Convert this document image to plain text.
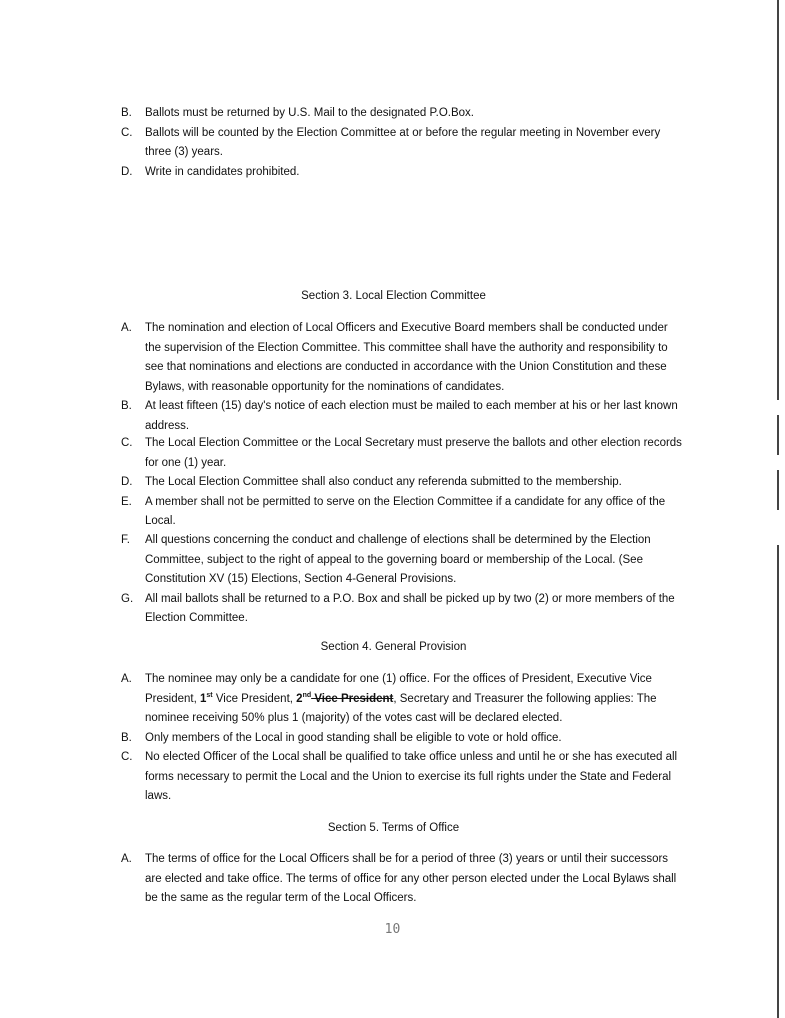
B. Ballots must be returned by U.S. Mail to the designated P.O.Box.
C. Ballots will be counted by the Election Committee at or before the regular meeting in November every three (3) years.
D. Write in candidates prohibited.
Section 3. Local Election Committee
A. The nomination and election of Local Officers and Executive Board members shall be conducted under the supervision of the Election Committee. This committee shall have the authority and responsibility to see that nominations and elections are conducted in accordance with the Union Constitution and these Bylaws, with reasonable opportunity for the nominations of candidates.
B. At least fifteen (15) day's notice of each election must be mailed to each member at his or her last known address.
C. The Local Election Committee or the Local Secretary must preserve the ballots and other election records for one (1) year.
D. The Local Election Committee shall also conduct any referenda submitted to the membership.
E. A member shall not be permitted to serve on the Election Committee if a candidate for any office of the Local.
F. All questions concerning the conduct and challenge of elections shall be determined by the Election Committee, subject to the right of appeal to the governing board or membership of the Local. (See Constitution XV (15) Elections, Section 4-General Provisions.
G. All mail ballots shall be returned to a P.O. Box and shall be picked up by two (2) or more members of the Election Committee.
Section 4. General Provision
A. The nominee may only be a candidate for one (1) office. For the offices of President, Executive Vice President, 1st Vice President, 2nd Vice President, Secretary and Treasurer the following applies: The nominee receiving 50% plus 1 (majority) of the votes cast will be declared elected.
B. Only members of the Local in good standing shall be eligible to vote or hold office.
C. No elected Officer of the Local shall be qualified to take office unless and until he or she has executed all forms necessary to permit the Local and the Union to exercise its full rights under the State and Federal laws.
Section 5. Terms of Office
A. The terms of office for the Local Officers shall be for a period of three (3) years or until their successors are elected and take office. The terms of office for any other person elected under the Local Bylaws shall be the same as the regular term of the Local Officers.
10
